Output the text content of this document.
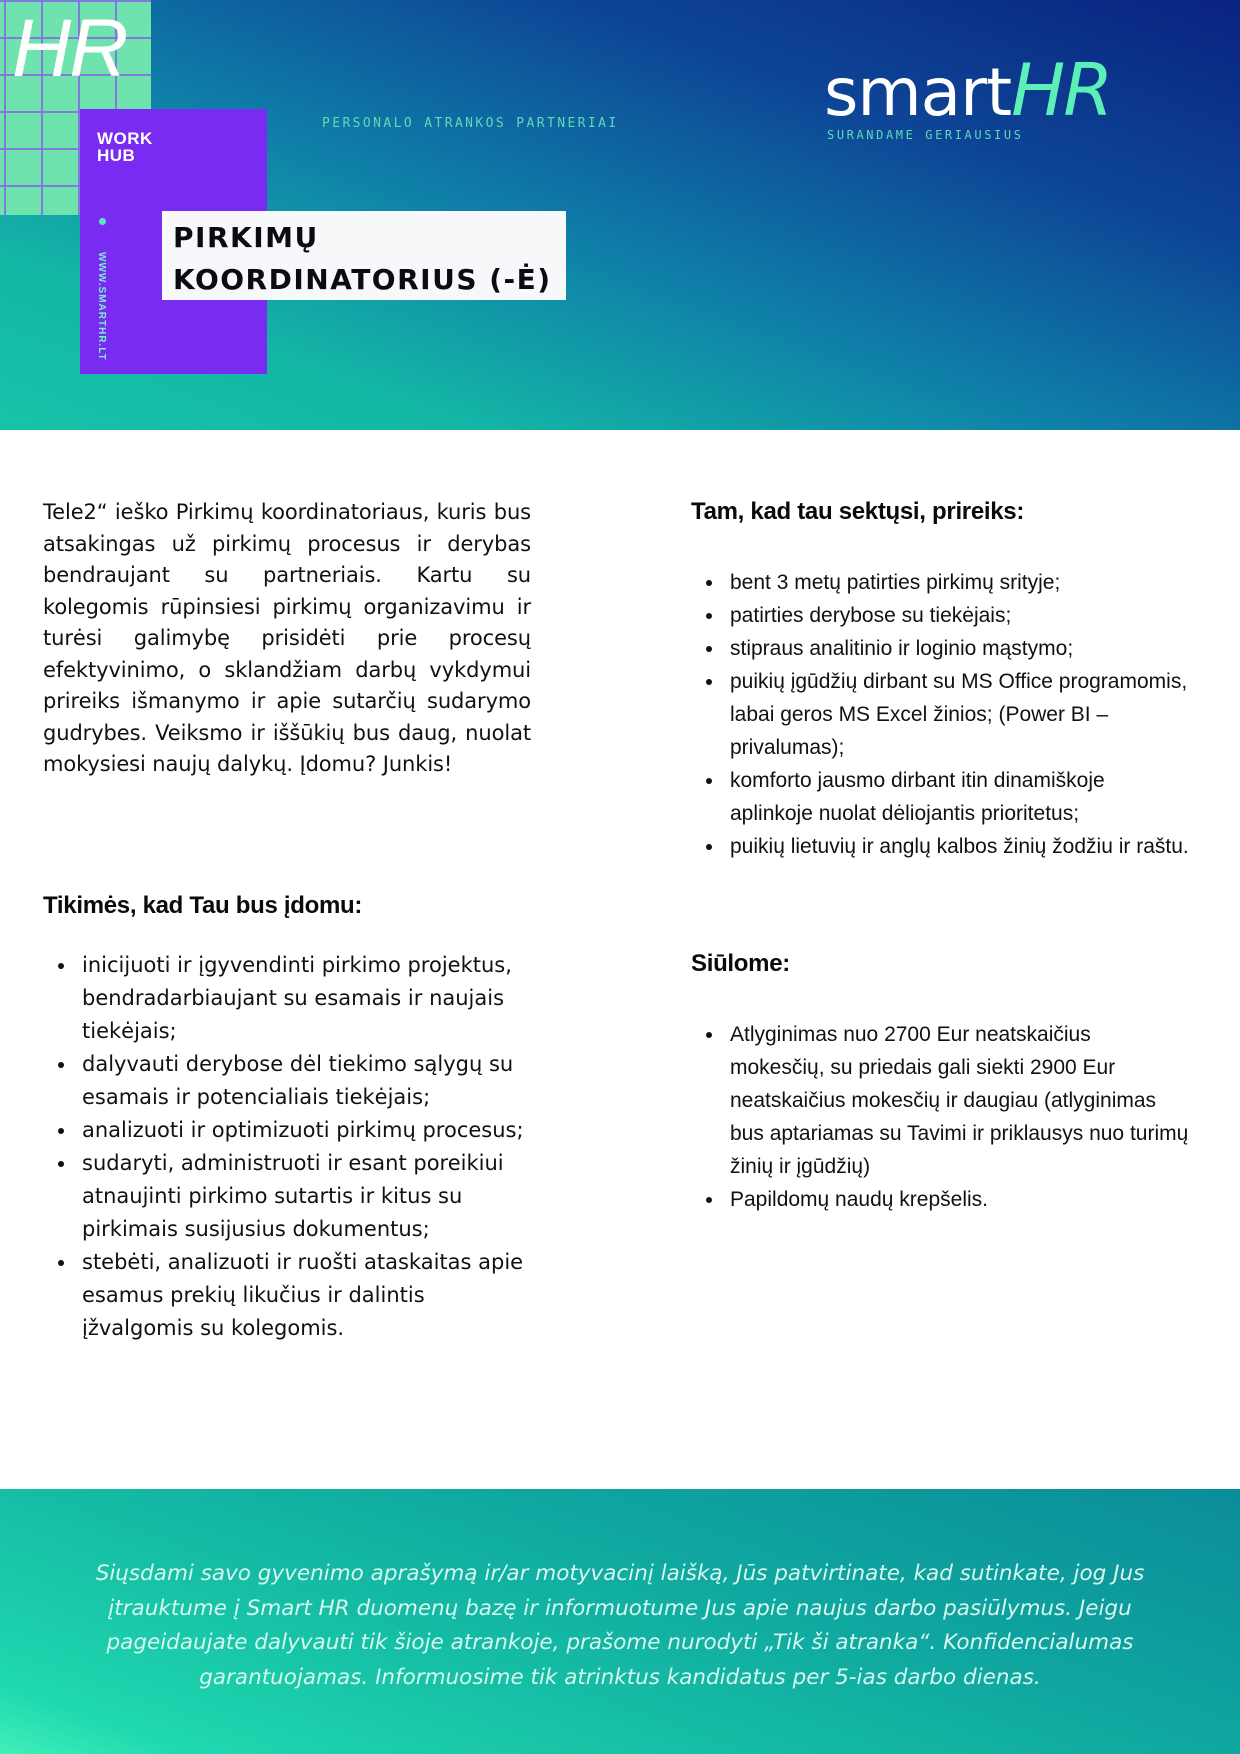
HR
WORK
HUB
WWW.SMARTHR.LT
PIRKIMŲ
KOORDINATORIUS (-Ė)
PERSONALO ATRANKOS PARTNERIAI	smartHR
SURANDAME GERIAUSIUS

Tele2“ ieško Pirkimų koordinatoriaus, kuris bus atsakingas už pirkimų procesus ir derybas bendraujant su partneriais. Kartu su kolegomis rūpinsiesi pirkimų organizavimu ir turėsi galimybę prisidėti prie procesų efektyvinimo, o sklandžiam darbų vykdymui prireiks išmanymo ir apie sutarčių sudarymo gudrybes. Veiksmo ir iššūkių bus daug, nuolat mokysiesi naujų dalykų. Įdomu? Junkis!

Tikimės, kad Tau bus įdomu:
inicijuoti ir įgyvendinti pirkimo projektus, bendradarbiaujant su esamais ir naujais tiekėjais;
dalyvauti derybose dėl tiekimo sąlygų su esamais ir potencialiais tiekėjais;
analizuoti ir optimizuoti pirkimų procesus;
sudaryti, administruoti ir esant poreikiui atnaujinti pirkimo sutartis ir kitus su pirkimais susijusius dokumentus;
stebėti, analizuoti ir ruošti ataskaitas apie esamus prekių likučius ir dalintis įžvalgomis su kolegomis.
Tam, kad tau sektųsi, prireiks:
bent 3 metų patirties pirkimų srityje;
patirties derybose su tiekėjais;
stipraus analitinio ir loginio mąstymo;
puikių įgūdžių dirbant su MS Office programomis, labai geros MS Excel žinios; (Power BI – privalumas);
komforto jausmo dirbant itin dinamiškoje aplinkoje nuolat dėliojantis prioritetus;
puikių lietuvių ir anglų kalbos žinių žodžiu ir raštu.
Siūlome:
Atlyginimas nuo 2700 Eur neatskaičius mokesčių, su priedais gali siekti 2900 Eur neatskaičius mokesčių ir daugiau (atlyginimas bus aptariamas su Tavimi ir priklausys nuo turimų žinių ir įgūdžių)
Papildomų naudų krepšelis.

Siųsdami savo gyvenimo aprašymą ir/ar motyvacinį laišką, Jūs patvirtinate, kad sutinkate, jog Jus įtrauktume į Smart HR duomenų bazę ir informuotume Jus apie naujus darbo pasiūlymus. Jeigu pageidaujate dalyvauti tik šioje atrankoje, prašome nurodyti „Tik ši atranka“. Konfidencialumas garantuojamas. Informuosime tik atrinktus kandidatus per 5-ias darbo dienas.
